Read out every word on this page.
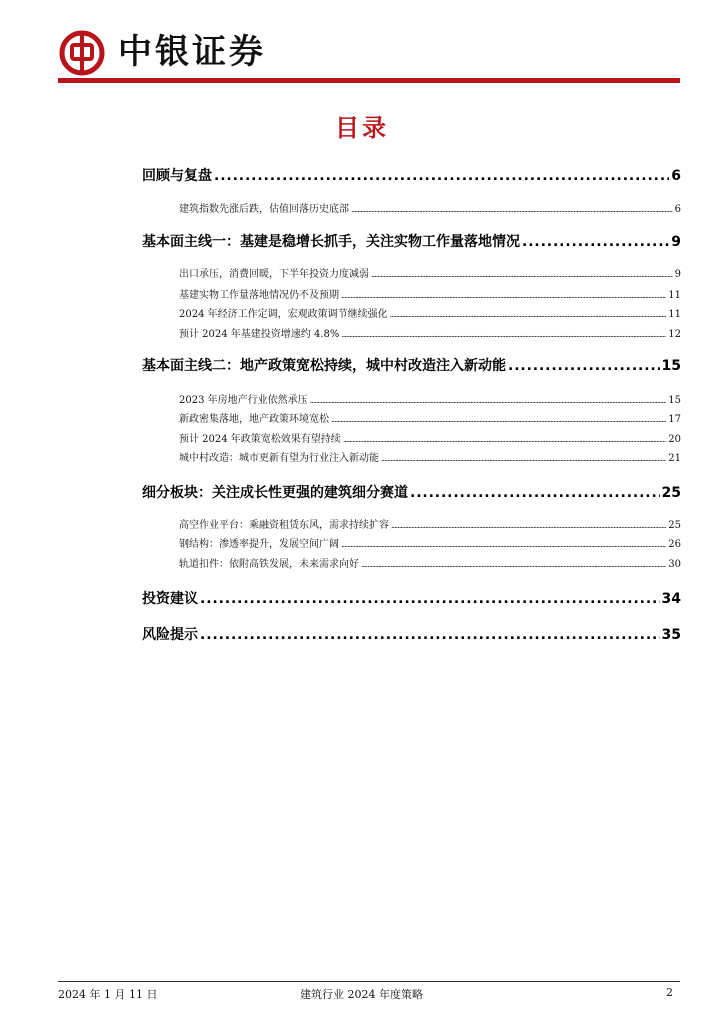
中银证券
目录
回顾与复盘 . . .	6
建筑指数先涨后跌，估值回落历史底部 .....	6
基本面主线一：基建是稳增长抓手，关注实物工作量落地情况 . . .	9
出口承压，消费回暖，下半年投资力度减弱 .....	9
基建实物工作量落地情况仍不及预期 .....	11
2024 年经济工作定调，宏观政策调节继续强化 .....	11
预计 2024 年基建投资增速约 4.8% .....	12
基本面主线二：地产政策宽松持续，城中村改造注入新动能 . . .	15
2023 年房地产行业依然承压 .....	15
新政密集落地，地产政策环境宽松 .....	17
预计 2024 年政策宽松效果有望持续 .....	20
城中村改造：城市更新有望为行业注入新动能 .....	21
细分板块：关注成长性更强的建筑细分赛道 . . .	25
高空作业平台：乘融资租赁东风，需求持续扩容 .....	25
钢结构：渗透率提升，发展空间广阔 .....	26
轨道扣件：依附高铁发展，未来需求向好 .....	30
投资建议 . . .	34
风险提示 . . .	35
2024 年 1 月 11 日	建筑行业 2024 年度策略	2
